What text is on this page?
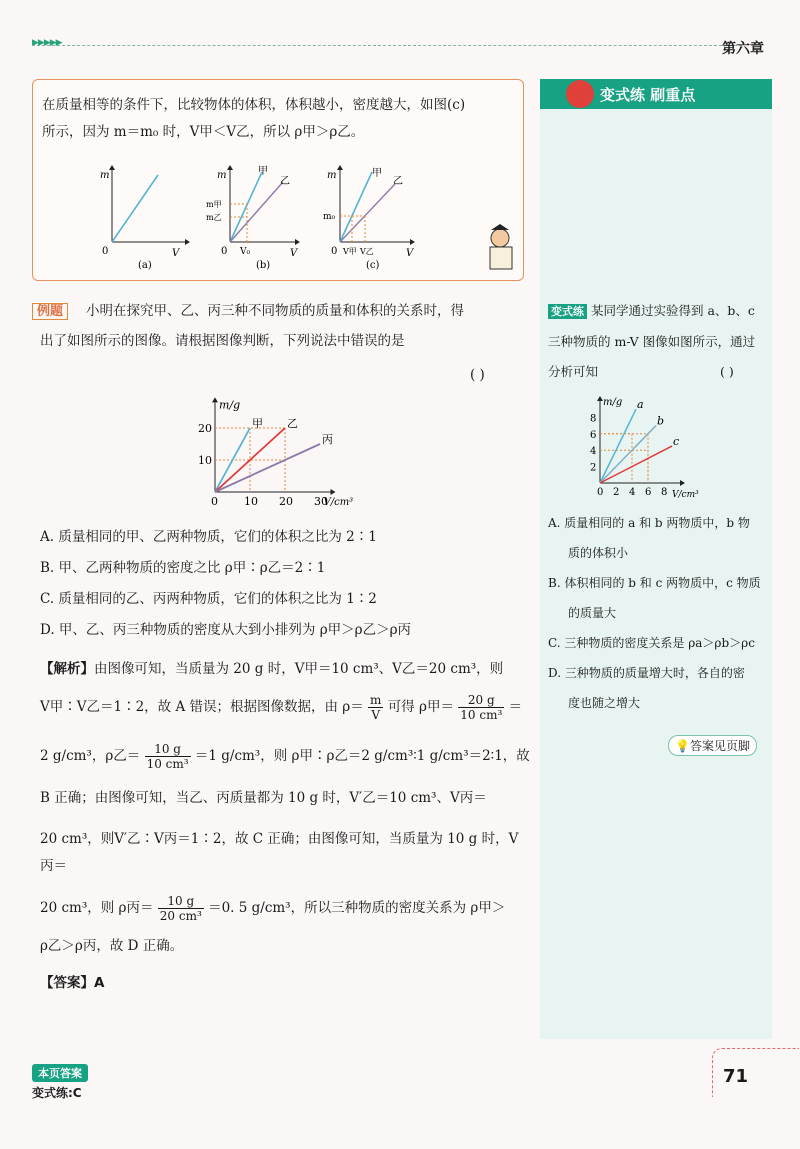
▶▶▶▶▶	第六章
在质量相等的条件下，比较物体的体积，体积越小，密度越大，如图(c)
所示，因为 m＝m₀ 时，V甲＜V乙，所以 ρ甲＞ρ乙。
m
V
0
(a)
m	甲
乙
m甲
m乙
V₀
0	V
(b)
m	甲
乙
m₀
V甲 V乙
0	V
(c)
例题	小明在探究甲、乙、丙三种不同物质的质量和体积的关系时，得
出了如图所示的图像。请根据图像判断，下列说法中错误的是
( )
甲 乙
丙
0 10 20 30
10
20
V/cm³
m/g
A. 质量相同的甲、乙两种物质，它们的体积之比为 2∶1
B. 甲、乙两种物质的密度之比 ρ甲∶ρ乙＝2∶1
C. 质量相同的乙、丙两种物质，它们的体积之比为 1∶2
D. 甲、乙、丙三种物质的密度从大到小排列为 ρ甲＞ρ乙＞ρ丙
【解析】由图像可知，当质量为 20 g 时，V甲＝10 cm³、V乙＝20 cm³，则
V甲∶V乙＝1∶2，故 A 错误；根据图像数据，由 $\rho= \frac{m}{V}$ 可得 ρ甲＝ $\frac{20 g}{\text{10 cm³}}$ ＝
2 g/cm³，ρ乙＝ $\frac{10 g}{\text{10 cm³}} =1$ g/cm³，则 ρ甲∶ρ乙＝2 g/cm³∶1 g/cm³＝2∶1，故
B 正确；由图像可知，当乙、丙质量都为 10 g 时，V′乙＝10 cm³、V丙＝
20 cm³，则V′乙∶V丙＝1∶2，故 C 正确；由图像可知，当质量为 10 g 时，V丙＝
20 cm³，则 ρ丙＝ $\frac{10 g}{\text{20 cm³}} =0$. 5 g/cm³，所以三种物质的密度关系为 ρ甲＞
ρ乙＞ρ丙，故 D 正确。
【答案】A
变式练 刷重点
变式练 某同学通过实验得到 a、b、c
三种物质的 m-V 图像如图所示，通过
分析可知	( )
a
b
c
0 2 4 6 8
2
4
6
8
V/cm³
m/g
A. 质量相同的 a 和 b 两物质中，b 物
质的体积小
B. 体积相同的 b 和 c 两物质中，c 物质
的质量大
C. 三种物质的密度关系是 ρa＞ρb＞ρc
D. 三种物质的质量增大时，各自的密
度也随之增大
💡答案见页脚
本页答案
变式练:C
71
